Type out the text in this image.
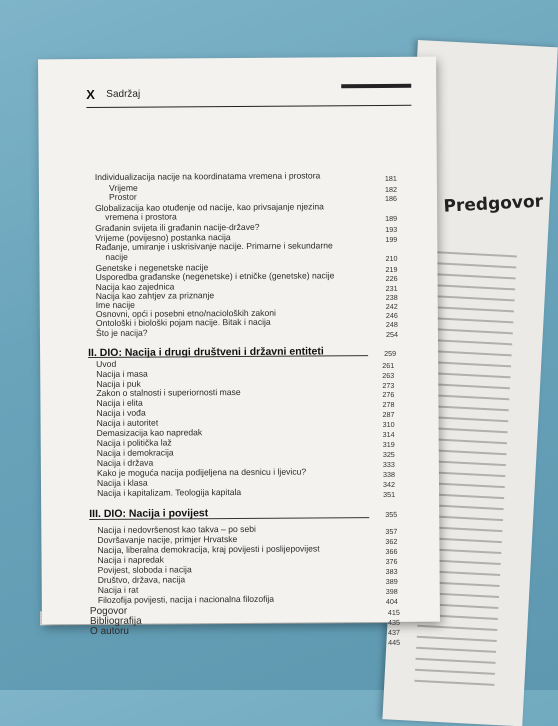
Predgovor
X Sadržaj
Individualizacija nacije na koordinatama vremena i prostora	181
Vrijeme	182
Prostor	186
Globalizacija kao otuđenje od nacije, kao privsajanje njezina
vremena i prostora	189
Građanin svijeta ili građanin nacije-države?	193
Vrijeme (povijesno) postanka nacija	199
Rađanje, umiranje i uskrisivanje nacije. Primarne i sekundarne
nacije	210
Genetske i negenetske nacije	219
Usporedba građanske (negenetske) i etničke (genetske) nacije	226
Nacija kao zajednica	231
Nacija kao zahtjev za priznanje	238
Ime nacije	242
Osnovni, opći i posebni etno/nacioloških zakoni	246
Ontološki i biološki pojam nacije. Bitak i nacija	248
Što je nacija?	254
II. DIO: Nacija i drugi društveni i državni entiteti	259
Uvod	261
Nacija i masa	263
Nacija i puk	273
Zakon o stalnosti i superiornosti mase	276
Nacija i elita	278
Nacija i vođa	287
Nacija i autoritet	310
Demasizacija kao napredak	314
Nacija i politička laž	319
Nacija i demokracija	325
Nacija i država	333
Kako je moguća nacija podijeljena na desnicu i ljevicu?	338
Nacija i klasa	342
Nacija i kapitalizam. Teologija kapitala	351
III. DIO: Nacija i povijest	355
Nacija i nedovršenost kao takva – po sebi	357
Dovršavanje nacije, primjer Hrvatske	362
Nacija, liberalna demokracija, kraj povijesti i poslijepovijest	366
Nacija i napredak	376
Povijest, sloboda i nacija	383
Društvo, država, nacija	389
Nacija i rat	398
Filozofija povijesti, nacija i nacionalna filozofija	404
Pogovor	415
Bibliografija	435
O autoru	437
445
